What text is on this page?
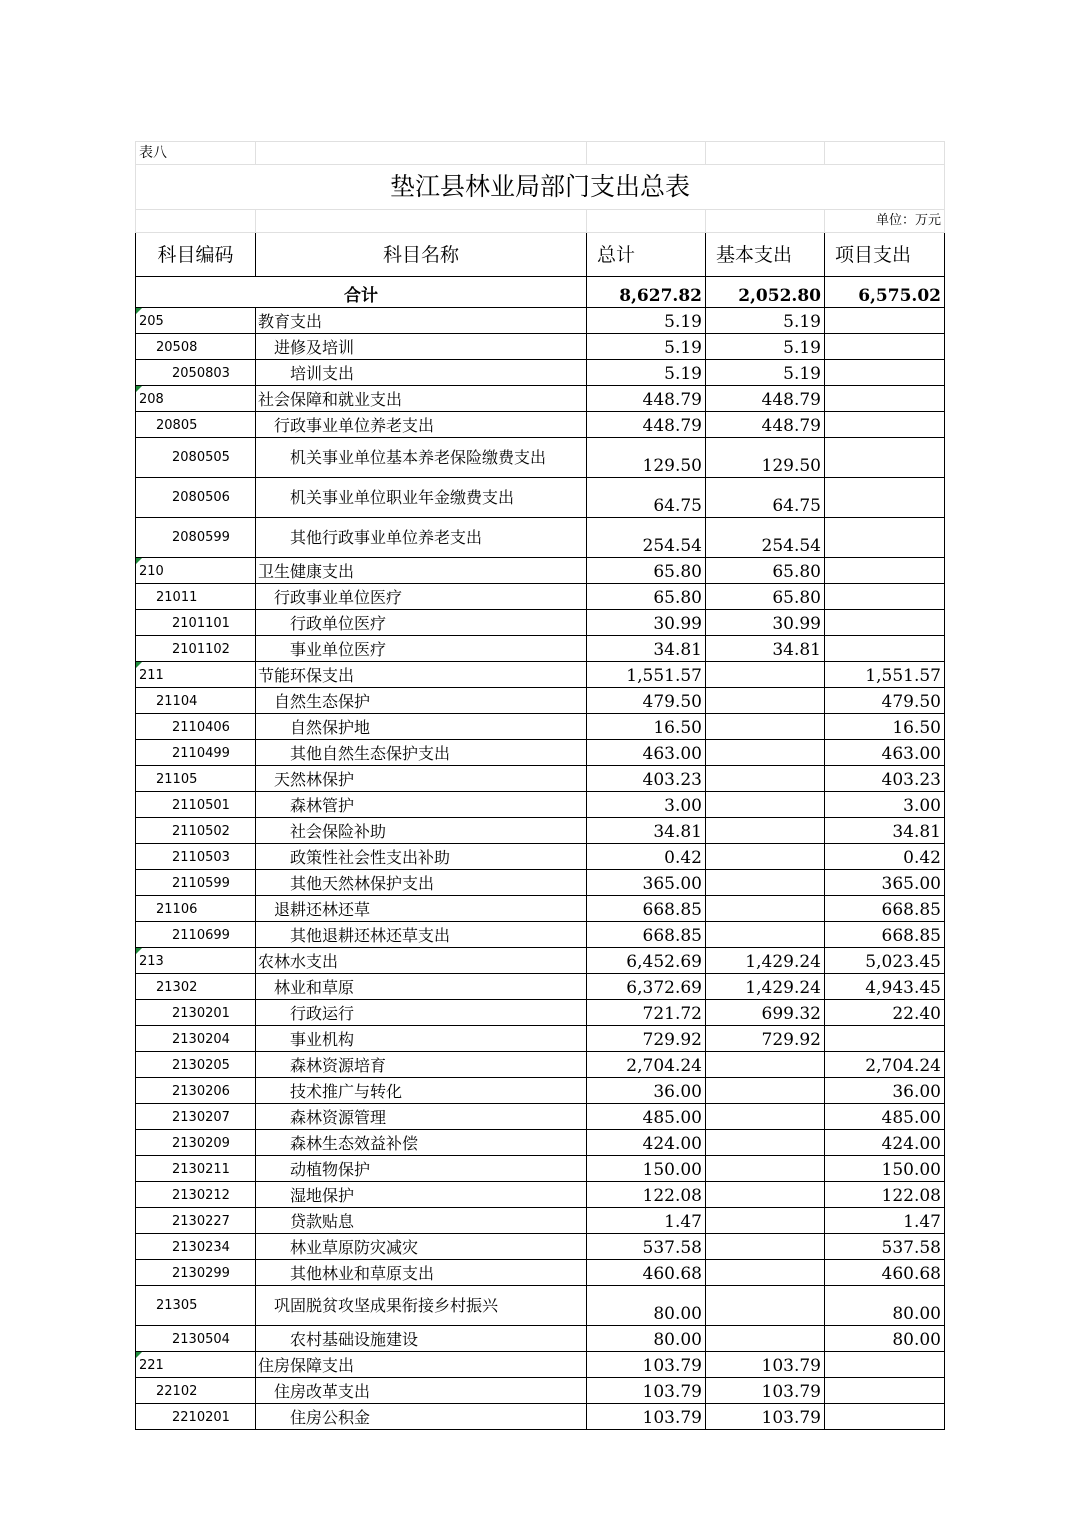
表八				
垫江县林业局部门支出总表				
				单位：万元
科目编码	科目名称	总计	基本支出	项目支出
合计		8,627.82	2,052.80	6,575.02
205	教育支出	5.19	5.19	
20508	进修及培训	5.19	5.19	
2050803	培训支出	5.19	5.19	
208	社会保障和就业支出	448.79	448.79	
20805	行政事业单位养老支出	448.79	448.79	
2080505	机关事业单位基本养老保险缴费支出	129.50	129.50	
2080506	机关事业单位职业年金缴费支出	64.75	64.75	
2080599	其他行政事业单位养老支出	254.54	254.54	
210	卫生健康支出	65.80	65.80	
21011	行政事业单位医疗	65.80	65.80	
2101101	行政单位医疗	30.99	30.99	
2101102	事业单位医疗	34.81	34.81	
211	节能环保支出	1,551.57		1,551.57
21104	自然生态保护	479.50		479.50
2110406	自然保护地	16.50		16.50
2110499	其他自然生态保护支出	463.00		463.00
21105	天然林保护	403.23		403.23
2110501	森林管护	3.00		3.00
2110502	社会保险补助	34.81		34.81
2110503	政策性社会性支出补助	0.42		0.42
2110599	其他天然林保护支出	365.00		365.00
21106	退耕还林还草	668.85		668.85
2110699	其他退耕还林还草支出	668.85		668.85
213	农林水支出	6,452.69	1,429.24	5,023.45
21302	林业和草原	6,372.69	1,429.24	4,943.45
2130201	行政运行	721.72	699.32	22.40
2130204	事业机构	729.92	729.92	
2130205	森林资源培育	2,704.24		2,704.24
2130206	技术推广与转化	36.00		36.00
2130207	森林资源管理	485.00		485.00
2130209	森林生态效益补偿	424.00		424.00
2130211	动植物保护	150.00		150.00
2130212	湿地保护	122.08		122.08
2130227	贷款贴息	1.47		1.47
2130234	林业草原防灾减灾	537.58		537.58
2130299	其他林业和草原支出	460.68		460.68
21305	巩固脱贫攻坚成果衔接乡村振兴	80.00		80.00
2130504	农村基础设施建设	80.00		80.00
221	住房保障支出	103.79	103.79	
22102	住房改革支出	103.79	103.79	
2210201	住房公积金	103.79	103.79	
